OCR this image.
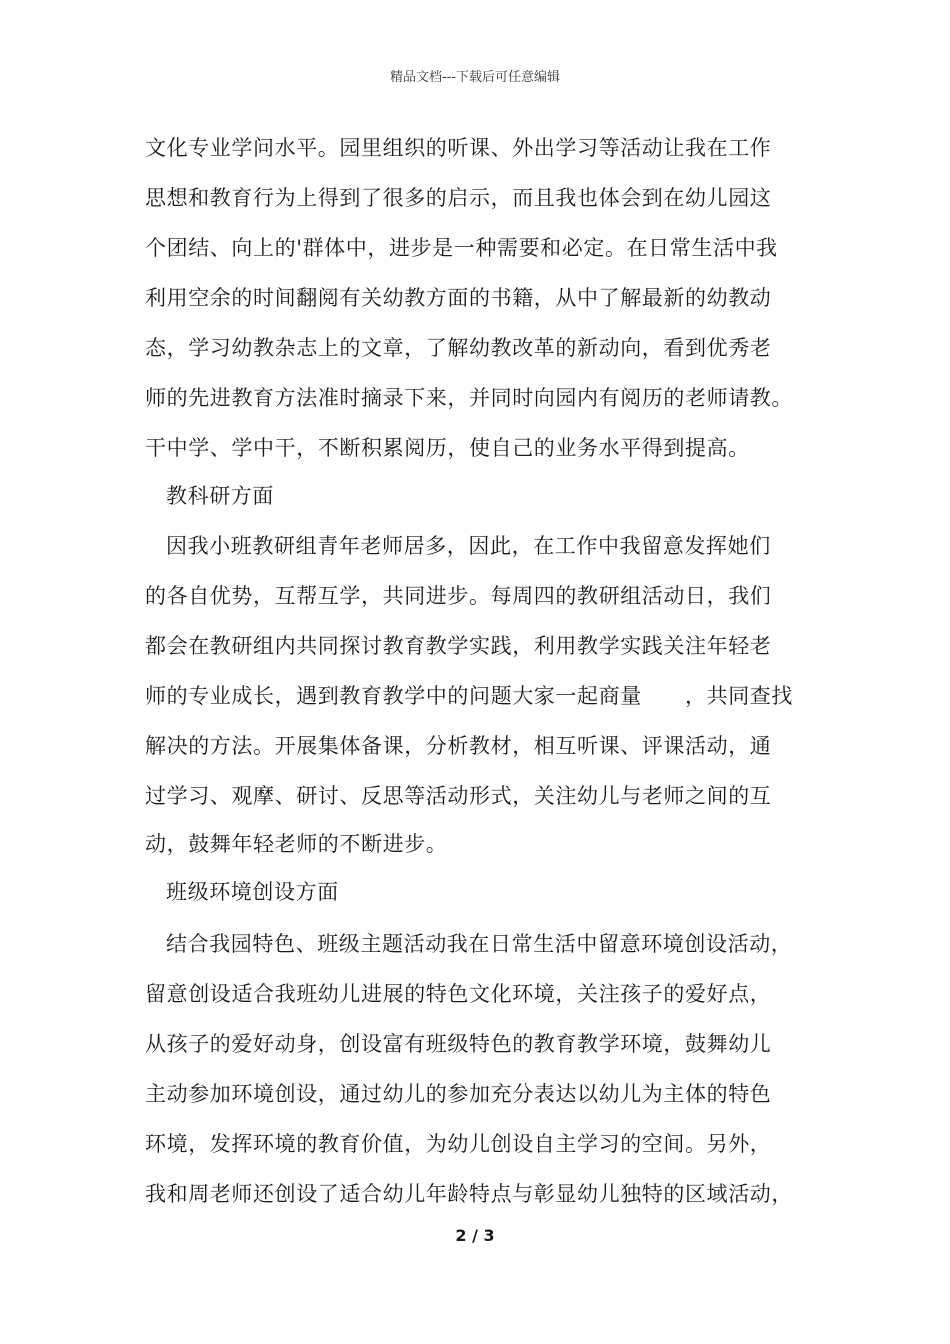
精品文档---下载后可任意编辑
文化专业学问水平。园里组织的听课、外出学习等活动让我在工作
思想和教育行为上得到了很多的启示，而且我也体会到在幼儿园这
个团结、向上的'群体中，进步是一种需要和必定。在日常生活中我
利用空余的时间翻阅有关幼教方面的书籍，从中了解最新的幼教动
态，学习幼教杂志上的文章，了解幼教改革的新动向，看到优秀老
师的先进教育方法准时摘录下来，并同时向园内有阅历的老师请教。
干中学、学中干，不断积累阅历，使自己的业务水平得到提高。
教科研方面
因我小班教研组青年老师居多，因此，在工作中我留意发挥她们
的各自优势，互帮互学，共同进步。每周四的教研组活动日，我们
都会在教研组内共同探讨教育教学实践，利用教学实践关注年轻老
师的专业成长，遇到教育教学中的问题大家一起商量　　，共同查找
解决的方法。开展集体备课，分析教材，相互听课、评课活动，通
过学习、观摩、研讨、反思等活动形式，关注幼儿与老师之间的互
动，鼓舞年轻老师的不断进步。
班级环境创设方面
结合我园特色、班级主题活动我在日常生活中留意环境创设活动，
留意创设适合我班幼儿进展的特色文化环境，关注孩子的爱好点，
从孩子的爱好动身，创设富有班级特色的教育教学环境，鼓舞幼儿
主动参加环境创设，通过幼儿的参加充分表达以幼儿为主体的特色
环境，发挥环境的教育价值，为幼儿创设自主学习的空间。另外，
我和周老师还创设了适合幼儿年龄特点与彰显幼儿独特的区域活动，
2 / 3
